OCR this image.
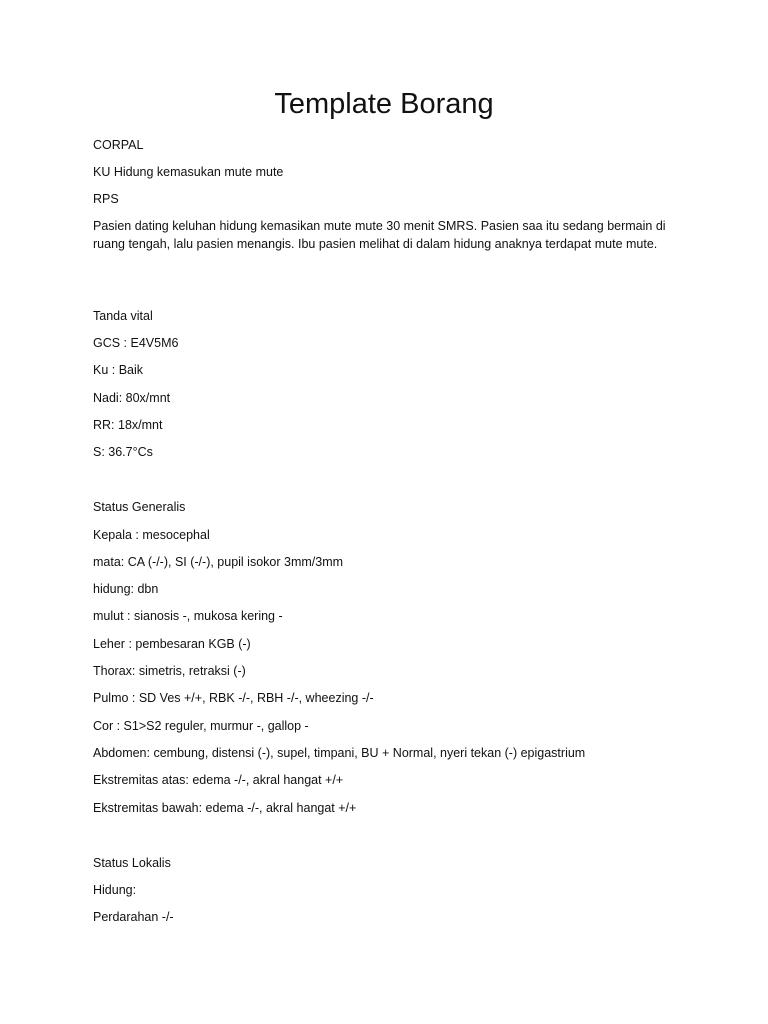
Template Borang

CORPAL

KU Hidung kemasukan mute mute

RPS

Pasien dating keluhan hidung kemasikan mute mute 30 menit SMRS. Pasien saa itu sedang bermain di ruang tengah, lalu pasien menangis. Ibu pasien melihat di dalam hidung anaknya terdapat mute mute.

Tanda vital

GCS : E4V5M6

Ku : Baik

Nadi: 80x/mnt

RR: 18x/mnt

S: 36.7°Cs

Status Generalis

Kepala : mesocephal

mata: CA (-/-), SI (-/-), pupil isokor 3mm/3mm

hidung: dbn

mulut : sianosis -, mukosa kering -

Leher : pembesaran KGB (-)

Thorax: simetris, retraksi (-)

Pulmo : SD Ves +/+, RBK -/-, RBH -/-, wheezing -/-

Cor : S1>S2 reguler, murmur -, gallop -

Abdomen: cembung, distensi (-), supel, timpani, BU + Normal, nyeri tekan (-) epigastrium

Ekstremitas atas: edema -/-, akral hangat +/+

Ekstremitas bawah: edema -/-, akral hangat +/+

Status Lokalis

Hidung:

Perdarahan -/-
